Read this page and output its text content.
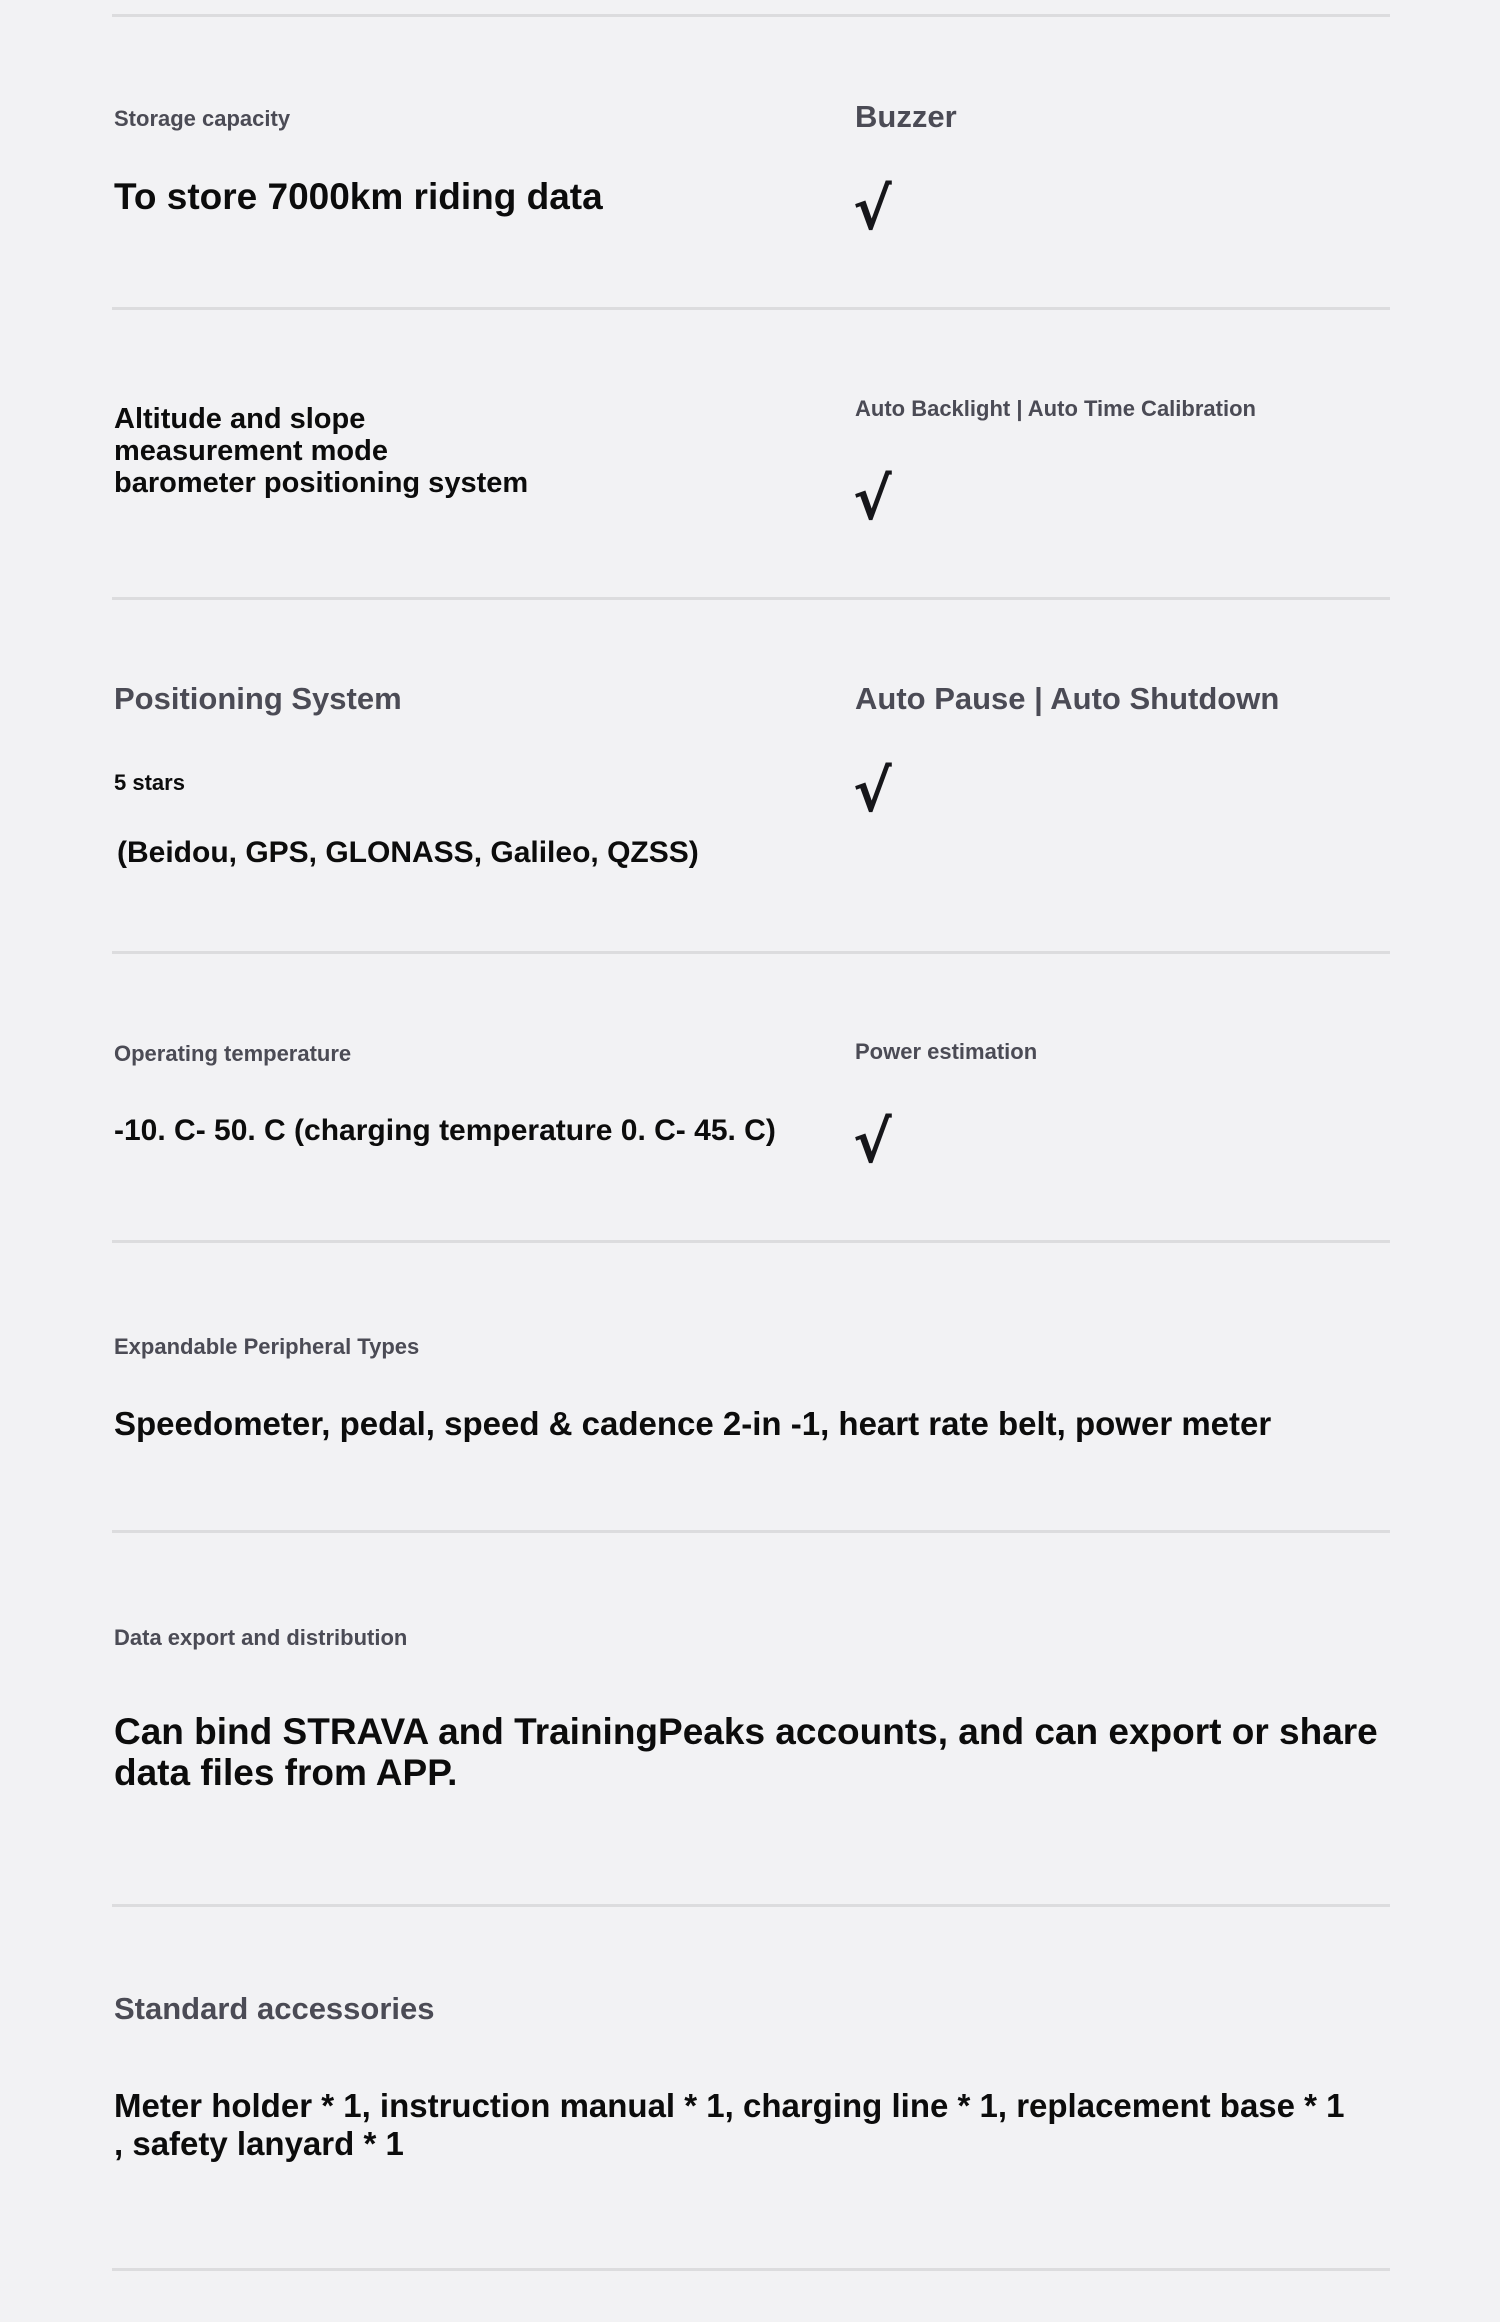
Storage capacity

To store 7000km riding data

Buzzer

√

Altitude and slope

measurement mode

barometer positioning system

Auto Backlight | Auto Time Calibration

√

Positioning System

5 stars

(Beidou, GPS, GLONASS, Galileo, QZSS)

Auto Pause | Auto Shutdown

√

Operating temperature

-10. C- 50. C (charging temperature 0. C- 45. C)

Power estimation

√

Expandable Peripheral Types

Speedometer, pedal, speed & cadence 2-in -1, heart rate belt, power meter

Data export and distribution

Can bind STRAVA and TrainingPeaks accounts, and can export or share

data files from APP.

Standard accessories

Meter holder * 1, instruction manual * 1, charging line * 1, replacement base * 1

, safety lanyard * 1
